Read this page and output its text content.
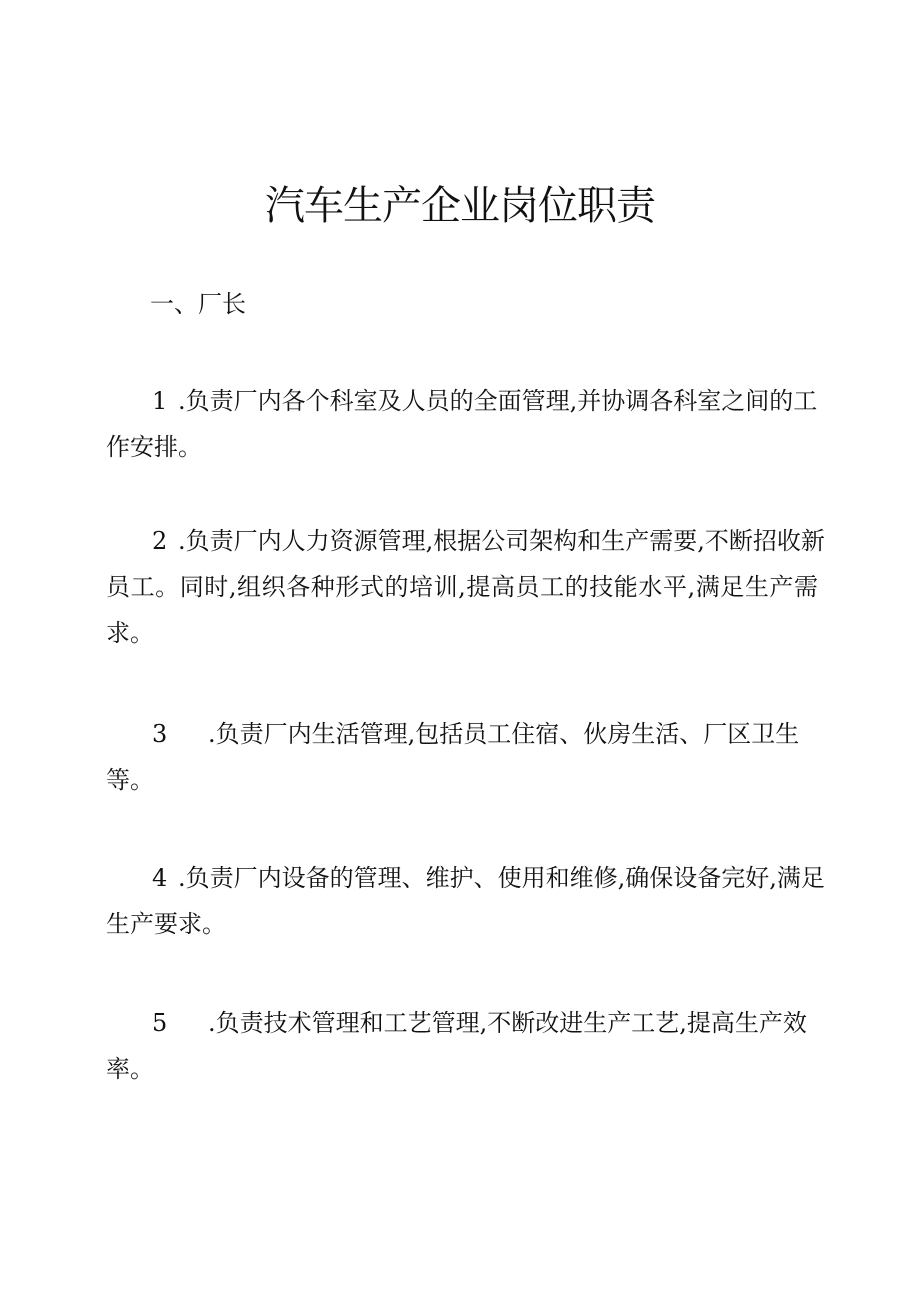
汽车生产企业岗位职责
一、厂长

1 .负责厂内各个科室及人员的全面管理,并协调各科室之间的工
作安排。

2 .负责厂内人力资源管理,根据公司架构和生产需要,不断招收新
员工。同时,组织各种形式的培训,提高员工的技能水平,满足生产需求。

3 .负责厂内生活管理,包括员工住宿、伙房生活、厂区卫生
等。

4 .负责厂内设备的管理、维护、使用和维修,确保设备完好,满足
生产要求。

5 .负责技术管理和工艺管理,不断改进生产工艺,提高生产效
率。
